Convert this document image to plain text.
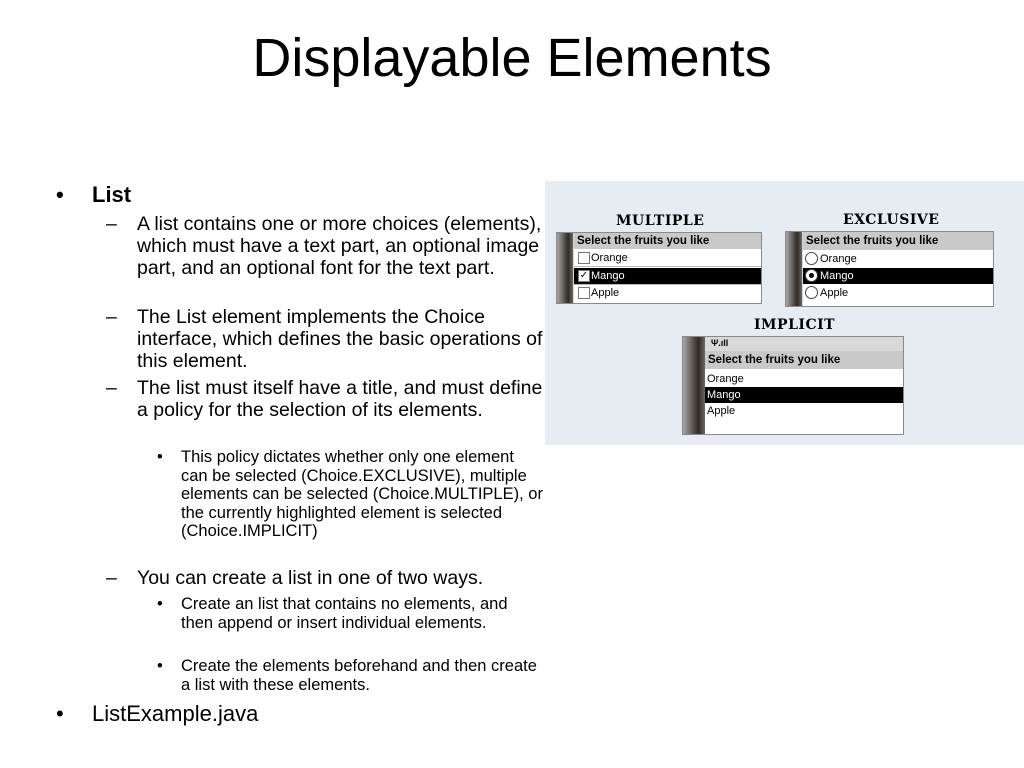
Displayable Elements
• List
– A list contains one or more choices (elements), which must have a text part, an optional image part, and an optional font for the text part.
– The List element implements the Choice interface, which defines the basic operations of this element.
– The list must itself have a title, and must define a policy for the selection of its elements.
• This policy dictates whether only one element can be selected (Choice.EXCLUSIVE), multiple elements can be selected (Choice.MULTIPLE), or the currently highlighted element is selected (Choice.IMPLICIT)
– You can create a list in one of two ways.
• Create an list that contains no elements, and then append or insert individual elements.
• Create the elements beforehand and then create a list with these elements.
• ListExample.java
MULTIPLE
Select the fruits you like
Orange
✓ Mango
Apple
EXCLUSIVE
Select the fruits you like
Orange
Mango
Apple
IMPLICIT
Ψ.ıll
Select the fruits you like
Orange
Mango
Apple
